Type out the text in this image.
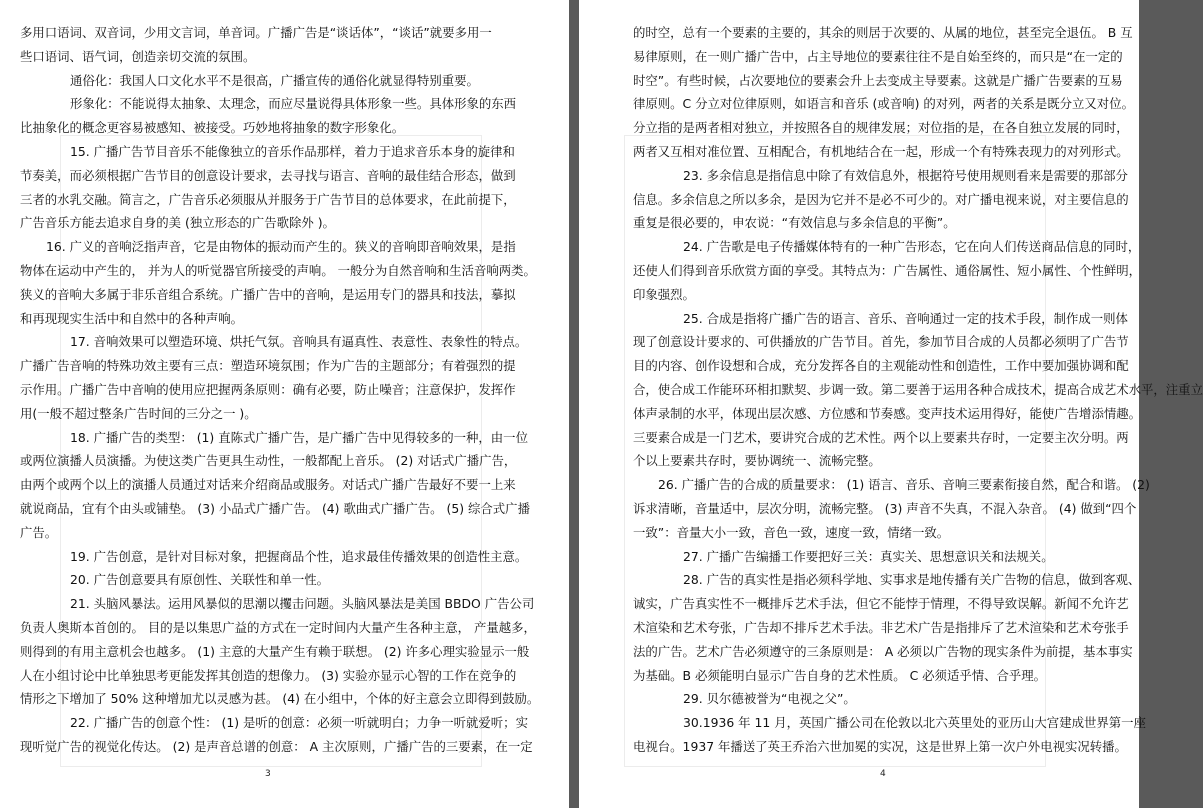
3
多用口语词、双音词，少用文言词，单音词。广播广告是“谈话体”，“谈话”就要多用一
些口语词、语气词，创造亲切交流的氛围。
通俗化：我国人口文化水平不是很高，广播宣传的通俗化就显得特别重要。
形象化：不能说得太抽象、太理念，而应尽量说得具体形象一些。具体形象的东西
比抽象化的概念更容易被感知、被接受。巧妙地将抽象的数字形象化。
15. 广播广告节目音乐不能像独立的音乐作品那样，着力于追求音乐本身的旋律和
节奏美，而必须根据广告节目的创意设计要求，去寻找与语言、音响的最佳结合形态，做到
三者的水乳交融。简言之，广告音乐必须服从并服务于广告节目的总体要求，在此前提下，
广告音乐方能去追求自身的美 (独立形态的广告歌除外 )。
16. 广义的音响泛指声音，它是由物体的振动而产生的。狭义的音响即音响效果，是指
物体在运动中产生的， 并为人的听觉器官所接受的声响。 一般分为自然音响和生活音响两类。
狭义的音响大多属于非乐音组合系统。广播广告中的音响，是运用专门的器具和技法，摹拟
和再现现实生活中和自然中的各种声响。
17. 音响效果可以塑造环境、烘托气氛。音响具有逼真性、表意性、表象性的特点。
广播广告音响的特殊功效主要有三点：塑造环境氛围；作为广告的主题部分；有着强烈的提
示作用。广播广告中音响的使用应把握两条原则：确有必要，防止噪音；注意保护，发挥作
用(一般不超过整条广告时间的三分之一 )。
18. 广播广告的类型： (1) 直陈式广播广告，是广播广告中见得较多的一种，由一位
或两位演播人员演播。为使这类广告更具生动性，一般都配上音乐。 (2) 对话式广播广告，
由两个或两个以上的演播人员通过对话来介绍商品或服务。对话式广播广告最好不要一上来
就说商品，宜有个由头或铺垫。 (3) 小品式广播广告。 (4) 歌曲式广播广告。 (5) 综合式广播
广告。
19. 广告创意，是针对目标对象，把握商品个性，追求最佳传播效果的创造性主意。
20. 广告创意要具有原创性、关联性和单一性。
21. 头脑风暴法。运用风暴似的思潮以攫击问题。头脑风暴法是美国 BBDO 广告公司
负责人奥斯本首创的。 目的是以集思广益的方式在一定时间内大量产生各种主意， 产量越多，
则得到的有用主意机会也越多。 (1) 主意的大量产生有赖于联想。 (2) 许多心理实验显示一般
人在小组讨论中比单独思考更能发挥其创造的想像力。 (3) 实验亦显示心智的工作在竞争的
情形之下增加了 50% 这种增加尤以灵感为甚。 (4) 在小组中，个体的好主意会立即得到鼓励。
22. 广播广告的创意个性： (1) 是听的创意：必须一听就明白；力争一听就爱听；实
现听觉广告的视觉化传达。 (2) 是声音总谱的创意： A 主次原则，广播广告的三要素，在一定
4
的时空，总有一个要素的主要的，其余的则居于次要的、从属的地位，甚至完全退伍。 B 互
易律原则，在一则广播广告中，占主导地位的要素往往不是自始至终的，而只是“在一定的
时空”。有些时候，占次要地位的要素会升上去变成主导要素。这就是广播广告要素的互易
律原则。C 分立对位律原则，如语言和音乐 (或音响) 的对列，两者的关系是既分立又对位。
分立指的是两者相对独立，并按照各自的规律发展；对位指的是，在各自独立发展的同时，
两者又互相对准位置、互相配合，有机地结合在一起，形成一个有特殊表现力的对列形式。
23. 多余信息是指信息中除了有效信息外，根据符号使用规则看来是需要的那部分
信息。多余信息之所以多余，是因为它并不是必不可少的。对广播电视来说，对主要信息的
重复是很必要的，申农说：“有效信息与多余信息的平衡”。
24. 广告歌是电子传播媒体特有的一种广告形态，它在向人们传送商品信息的同时，
还使人们得到音乐欣赏方面的享受。其特点为：广告属性、通俗属性、短小属性、个性鲜明，
印象强烈。
25. 合成是指将广播广告的语言、音乐、音响通过一定的技术手段，制作成一则体
现了创意设计要求的、可供播放的广告节目。首先，参加节目合成的人员都必须明了广告节
目的内容、创作设想和合成，充分发挥各自的主观能动性和创造性，工作中要加强协调和配
合，使合成工作能环环相扣默契、步调一致。第二要善于运用各种合成技术，提高合成艺术水平，注重立
体声录制的水平，体现出层次感、方位感和节奏感。变声技术运用得好，能使广告增添情趣。
三要素合成是一门艺术，要讲究合成的艺术性。两个以上要素共存时，一定要主次分明。两
个以上要素共存时，要协调统一、流畅完整。
26. 广播广告的合成的质量要求： (1) 语言、音乐、音响三要素衔接自然，配合和谐。 (2)
诉求清晰，音量适中，层次分明，流畅完整。 (3) 声音不失真，不混入杂音。 (4) 做到“四个
一致”：音量大小一致，音色一致，速度一致，情绪一致。
27. 广播广告编播工作要把好三关：真实关、思想意识关和法规关。
28. 广告的真实性是指必须科学地、实事求是地传播有关广告物的信息，做到客观、
诚实，广告真实性不一概排斥艺术手法，但它不能悖于情理，不得导致误解。新闻不允许艺
术渲染和艺术夸张，广告却不排斥艺术手法。非艺术广告是指排斥了艺术渲染和艺术夸张手
法的广告。艺术广告必须遵守的三条原则是： A 必须以广告物的现实条件为前提，基本事实
为基础。B 必须能明白显示广告自身的艺术性质。 C 必须适乎情、合乎理。
29. 贝尔德被誉为“电视之父”。
30.1936 年 11 月，英国广播公司在伦敦以北六英里处的亚历山大宫建成世界第一座
电视台。1937 年播送了英王乔治六世加冕的实况，这是世界上第一次户外电视实况转播。
